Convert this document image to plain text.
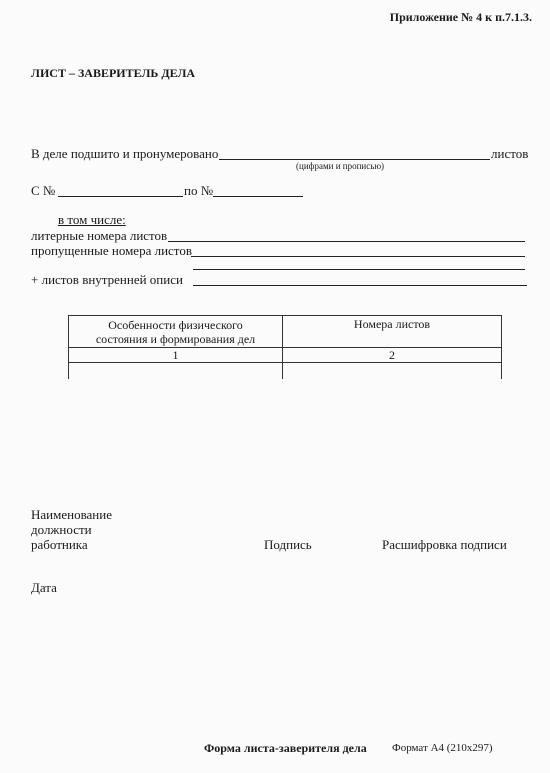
Приложение № 4 к п.7.1.3.
ЛИСТ – ЗАВЕРИТЕЛЬ ДЕЛА
В деле подшито и пронумеровано	листов
(цифрами и прописью)
С №	по №
в том числе:
литерные номера листов
пропущенные номера листов
+ листов внутренней описи
Особенности физического
состояния и формирования дел	Номера листов
1	2

Наименование
должности
работника	Подпись	Расшифровка подписи
Дата
Форма листа-заверителя дела Формат А4 (210х297)
